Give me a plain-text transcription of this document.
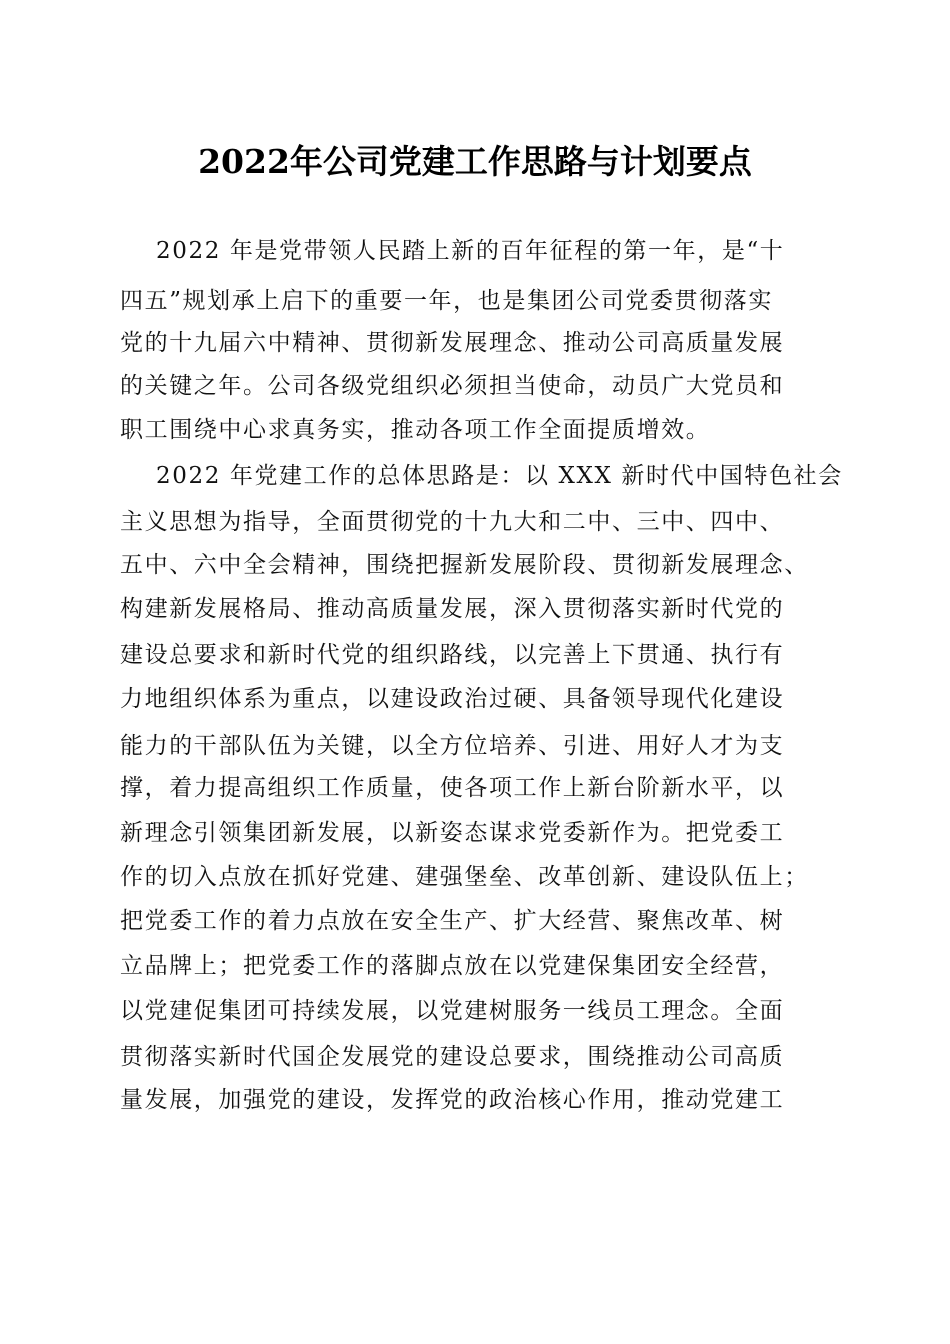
2022年公司党建工作思路与计划要点
2022 年是党带领人民踏上新的百年征程的第一年，是“十
四五”规划承上启下的重要一年，也是集团公司党委贯彻落实
党的十九届六中精神、贯彻新发展理念、推动公司高质量发展
的关键之年。公司各级党组织必须担当使命，动员广大党员和
职工围绕中心求真务实，推动各项工作全面提质增效。
2022 年党建工作的总体思路是：以 XXX 新时代中国特色社会
主义思想为指导，全面贯彻党的十九大和二中、三中、四中、
五中、六中全会精神，围绕把握新发展阶段、贯彻新发展理念、
构建新发展格局、推动高质量发展，深入贯彻落实新时代党的
建设总要求和新时代党的组织路线，以完善上下贯通、执行有
力地组织体系为重点，以建设政治过硬、具备领导现代化建设
能力的干部队伍为关键，以全方位培养、引进、用好人才为支
撑，着力提高组织工作质量，使各项工作上新台阶新水平，以
新理念引领集团新发展，以新姿态谋求党委新作为。把党委工
作的切入点放在抓好党建、建强堡垒、改革创新、建设队伍上；
把党委工作的着力点放在安全生产、扩大经营、聚焦改革、树
立品牌上；把党委工作的落脚点放在以党建保集团安全经营，
以党建促集团可持续发展，以党建树服务一线员工理念。全面
贯彻落实新时代国企发展党的建设总要求，围绕推动公司高质
量发展，加强党的建设，发挥党的政治核心作用，推动党建工
